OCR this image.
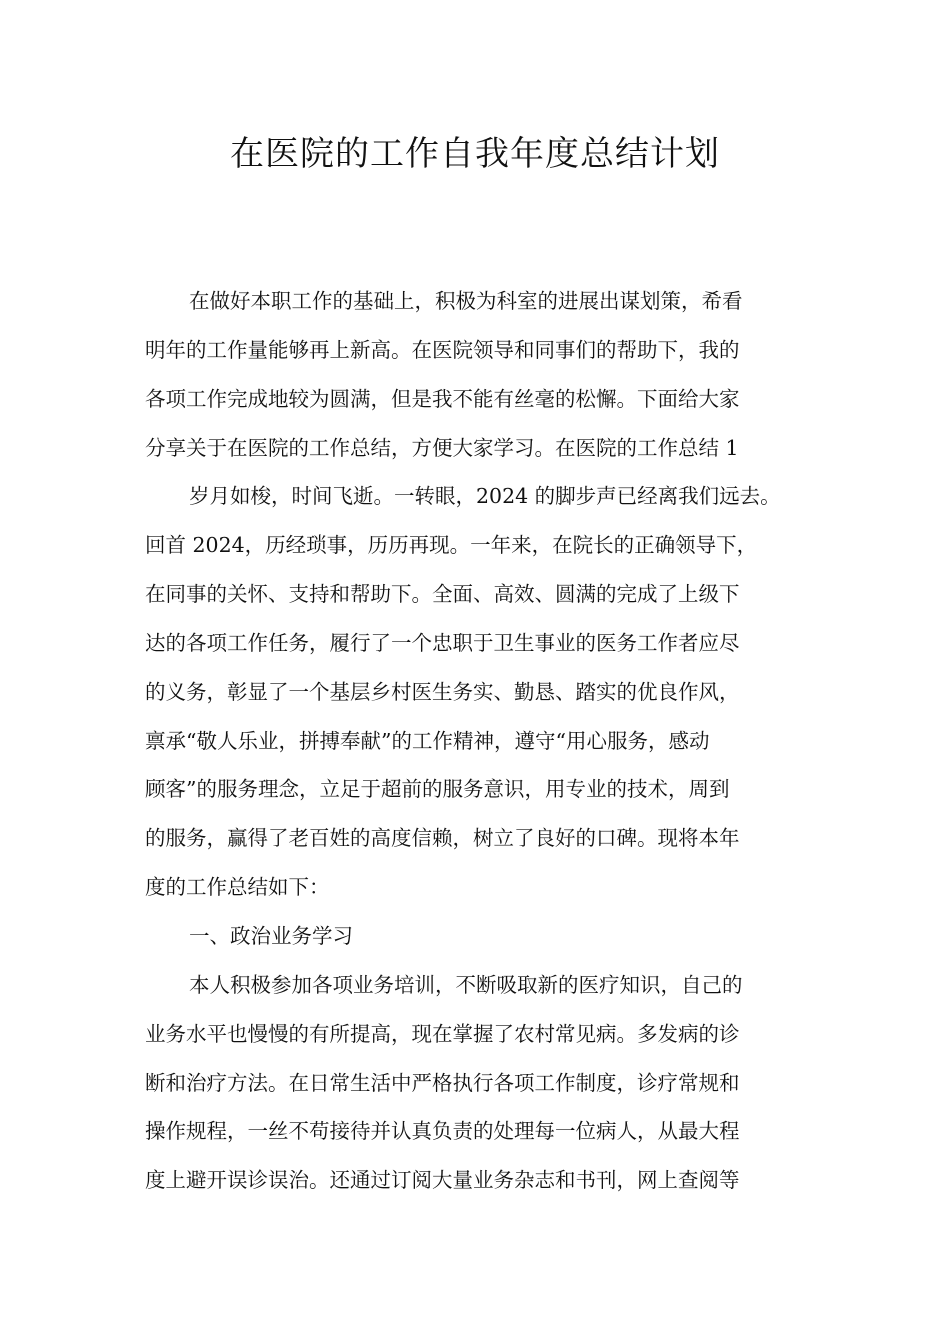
在医院的工作自我年度总结计划
在做好本职工作的基础上，积极为科室的进展出谋划策，希看
明年的工作量能够再上新高。在医院领导和同事们的帮助下，我的
各项工作完成地较为圆满，但是我不能有丝毫的松懈。下面给大家
分享关于在医院的工作总结，方便大家学习。在医院的工作总结 1
岁月如梭，时间飞逝。一转眼，2024 的脚步声已经离我们远去。
回首 2024，历经琐事，历历再现。一年来，在院长的正确领导下，
在同事的关怀、支持和帮助下。全面、高效、圆满的完成了上级下
达的各项工作任务，履行了一个忠职于卫生事业的医务工作者应尽
的义务，彰显了一个基层乡村医生务实、勤恳、踏实的优良作风，
禀承“敬人乐业，拼搏奉献”的工作精神，遵守“用心服务，感动
顾客”的服务理念，立足于超前的服务意识，用专业的技术，周到
的服务，赢得了老百姓的高度信赖，树立了良好的口碑。现将本年
度的工作总结如下：
一、政治业务学习
本人积极参加各项业务培训，不断吸取新的医疗知识，自己的
业务水平也慢慢的有所提高，现在掌握了农村常见病。多发病的诊
断和治疗方法。在日常生活中严格执行各项工作制度，诊疗常规和
操作规程，一丝不苟接待并认真负责的处理每一位病人，从最大程
度上避开误诊误治。还通过订阅大量业务杂志和书刊，网上查阅等
